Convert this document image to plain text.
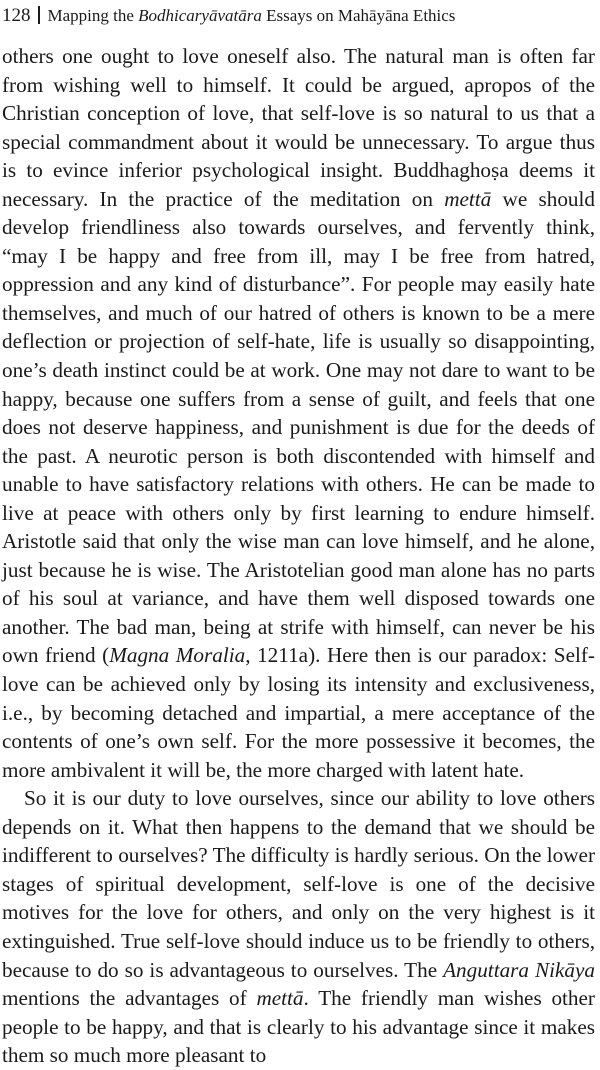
128 Mapping the Bodhicaryāvatāra Essays on Mahāyāna Ethics

others one ought to love oneself also. The natural man is often far from wishing well to himself. It could be argued, apropos of the Christian conception of love, that self-love is so natural to us that a special commandment about it would be unnecessary. To argue thus is to evince inferior psychological insight. Buddhaghoṣa deems it necessary. In the practice of the meditation on mettā we should develop friendliness also towards ourselves, and fervently think, “may I be happy and free from ill, may I be free from hatred, oppression and any kind of disturbance”. For people may easily hate themselves, and much of our hatred of others is known to be a mere deflection or projection of self-hate, life is usually so disappointing, one’s death instinct could be at work. One may not dare to want to be happy, because one suffers from a sense of guilt, and feels that one does not deserve happiness, and punishment is due for the deeds of the past. A neurotic person is both discontended with himself and unable to have satisfactory relations with others. He can be made to live at peace with others only by first learning to endure himself. Aristotle said that only the wise man can love himself, and he alone, just because he is wise. The Aristotelian good man alone has no parts of his soul at variance, and have them well disposed towards one another. The bad man, being at strife with himself, can never be his own friend (Magna Moralia, 1211a). Here then is our paradox: Self-love can be achieved only by losing its intensity and exclusiveness, i.e., by becoming detached and impartial, a mere acceptance of the contents of one’s own self. For the more possessive it becomes, the more ambivalent it will be, the more charged with latent hate.

So it is our duty to love ourselves, since our ability to love others depends on it. What then happens to the demand that we should be indifferent to ourselves? The difficulty is hardly serious. On the lower stages of spiritual development, self-love is one of the decisive motives for the love for others, and only on the very highest is it extinguished. True self-love should induce us to be friendly to others, because to do so is advantageous to ourselves. The Anguttara Nikāya mentions the advantages of mettā. The friendly man wishes other people to be happy, and that is clearly to his advantage since it makes them so much more pleasant to
